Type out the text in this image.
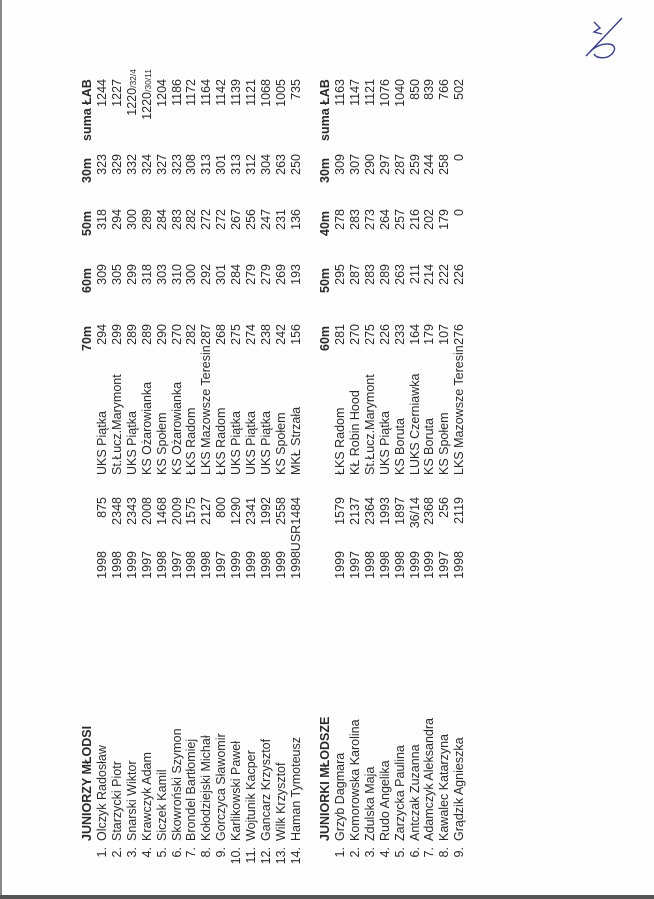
JUNIORZY MŁODSI
70m
60m
50m
30m
suma ŁAB
1.
Olczyk Radosław
1998
875
UKS Piątka
294
309
318
323
1244
2.
Starzycki Piotr
1998
2348
St.Łucz.Marymont
299
305
294
329
1227
3.
Snarski Wiktor
1999
2343
UKS Piątka
289
299
300
332
1220/32/4
4.
Krawczyk Adam
1997
2008
KS Ożarowianka
289
318
289
324
1220/30/11
5.
Siczek Kamil
1998
1468
KS Społem
290
303
284
327
1204
6.
Skowroński Szymon
1997
2009
KS Ożarowianka
270
310
283
323
1186
7.
Brondel Bartłomiej
1998
1575
ŁKS Radom
282
300
282
308
1172
8.
Kołodziejski Michał
1998
2127
LKS Mazowsze Teresin
287
292
272
313
1164
9.
Gorczyca Sławomir
1997
800
ŁKS Radom
268
301
272
301
1142
10.
Karlikowski Paweł
1999
1290
UKS Piątka
275
284
267
313
1139
11.
Wojtunik Kacper
1999
2341
UKS Piątka
274
279
256
312
1121
12.
Gancarz Krzysztof
1998
1992
UKS Piątka
238
279
247
304
1068
13.
Wilk Krzysztof
1999
2558
KS Społem
242
269
231
263
1005
14.
Haman Tymoteusz
1998
USR1484
MKŁ Strzała
156
193
136
250
735
JUNIORKI MŁODSZE
60m
50m
40m
30m
suma ŁAB
1.
Grzyb Dagmara
1999
1579
ŁKS Radom
281
295
278
309
1163
2.
Komorowska Karolina
1997
2137
KŁ Robin Hood
270
287
283
307
1147
3.
Zdulska Maja
1998
2364
St.Łucz.Marymont
275
283
273
290
1121
4.
Rudo Angelika
1998
1993
UKS Piątka
226
289
264
297
1076
5.
Zarzycka Paulina
1998
1897
KS Boruta
233
263
257
287
1040
6.
Antczak Zuzanna
1999
36/14
LUKS Czerniawka
164
211
216
259
850
7.
Adamczyk Aleksandra
1999
2368
KS Boruta
179
214
202
244
839
8.
Kawalec Katarzyna
1997
256
KS Społem
107
222
179
258
766
9.
Grądzik Agnieszka
1998
2119
LKS Mazowsze Teresin
276
226
0
0
502
